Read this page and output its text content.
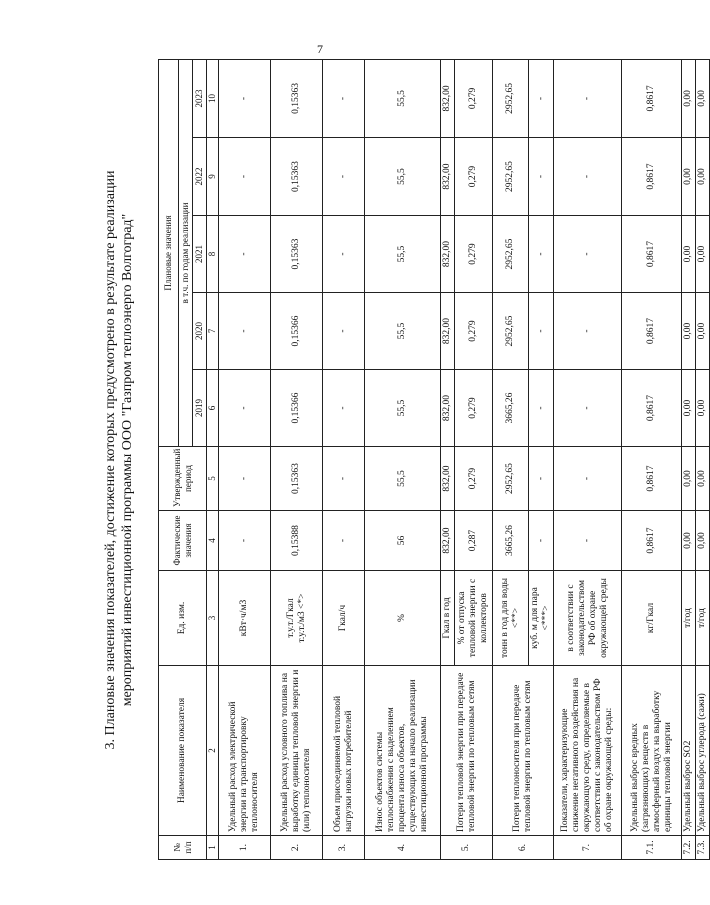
7
3. Плановые значения показателей, достижение которых предусмотрено в результате реализации мероприятий инвестиционной программы ООО "Газпром теплоэнерго Волгоград"
№ п/п	Наименование показателя	Ед. изм.	Фактические значения	Утвержденный период	Плановые значения				

					в т.ч. по годам реализации				
					2019	2020	2021	2022	2023
1	2	3	4	5	6	7	8	9	10
1.	Удельный расход электрической энергии на транспортировку теплоносителя	кВт·ч/м3	-	-	-	-	-	-	-
2.	Удельный расход условного топлива на выработку единицы тепловой энергии и (или) теплоносителя	т.у.т./Гкал т.у.т./м3 <*>	0,15388	0,15363	0,15366	0,15366	0,15363	0,15363	0,15363
3.	Объем присоединяемой тепловой нагрузки новых потребителей	Гкал/ч	-	-	-	-	-	-	-
4.	Износ объектов системы теплоснабжения с выделением процента износа объектов, существующих на начало реализации инвестиционной программы	%	56	55,5	55,5	55,5	55,5	55,5	55,5
5.	Потери тепловой энергии при передаче тепловой энергии по тепловым сетям	Гкал в год	832,00	832,00	832,00	832,00	832,00	832,00	832,00
		% от отпуска тепловой энергии с коллекторов	0,287	0,279	0,279	0,279	0,279	0,279	0,279
6.	Потери теплоносителя при передаче тепловой энергии по тепловым сетям	тонн в год для воды <**>	3665,26	2952,65	3665,26	2952,65	2952,65	2952,65	2952,65
		куб. м для пара <***>	-	-	-	-	-	-	-
7.	Показатели, характеризующие снижение негативного воздействия на окружающую среду, определяемые в соответствии с законодательством РФ об охране окружающей среды:	в соответствии с законодательством РФ об охране окружающей среды	-	-	-	-	-	-	-
7.1.	Удельный выброс вредных (загрязняющих) веществ в атмосферный воздух на выработку единицы тепловой энергии	кг/Гкал	0,8617	0,8617	0,8617	0,8617	0,8617	0,8617	0,8617
7.2.	Удельный выброс SO2	т/год	0,00	0,00	0,00	0,00	0,00	0,00	0,00
7.3.	Удельный выброс углерода (сажи)	т/год	0,00	0,00	0,00	0,00	0,00	0,00	0,00
